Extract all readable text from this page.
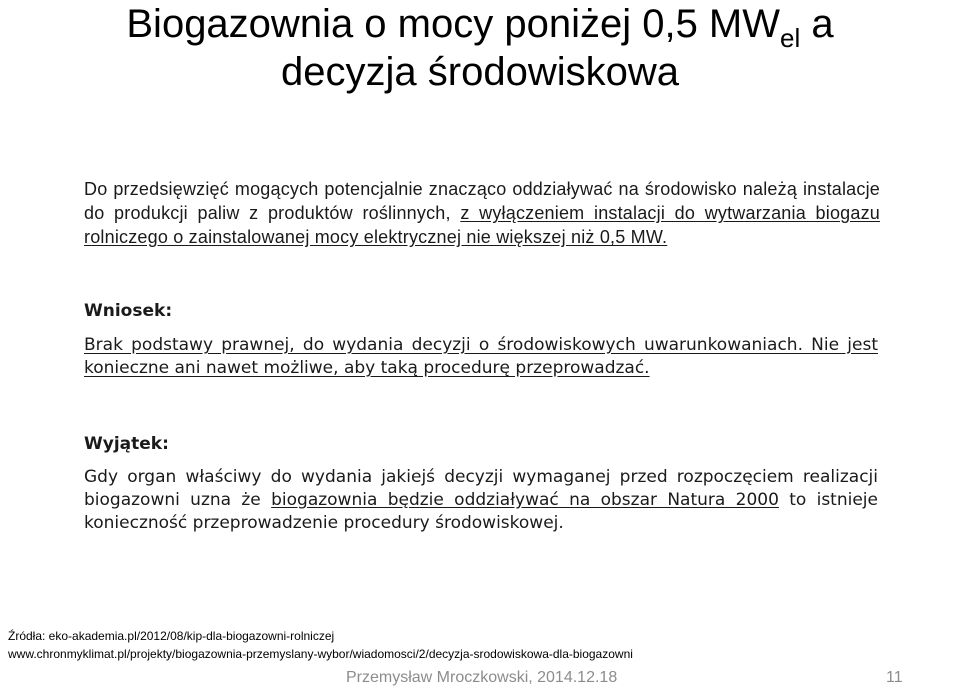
Biogazownia o mocy poniżej 0,5 $MW_{el}$ a
decyzja środowiskowa
Do przedsięwzięć mogących potencjalnie znacząco oddziaływać na środowisko należą instalacje do produkcji paliw z produktów roślinnych, z wyłączeniem instalacji do wytwarzania biogazu rolniczego o zainstalowanej mocy elektrycznej nie większej niż 0,5 MW.
Wniosek:
Brak podstawy prawnej, do wydania decyzji o środowiskowych uwarunkowaniach. Nie jest konieczne ani nawet możliwe, aby taką procedurę przeprowadzać.
Wyjątek:
Gdy organ właściwy do wydania jakiejś decyzji wymaganej przed rozpoczęciem realizacji biogazowni uzna że biogazownia będzie oddziaływać na obszar Natura 2000 to istnieje konieczność przeprowadzenie procedury środowiskowej.
Źródła: eko-akademia.pl/2012/08/kip-dla-biogazowni-rolniczej
www.chronmyklimat.pl/projekty/biogazownia-przemyslany-wybor/wiadomosci/2/decyzja-srodowiskowa-dla-biogazowni
Przemysław Mroczkowski, 2014.12.18	11
